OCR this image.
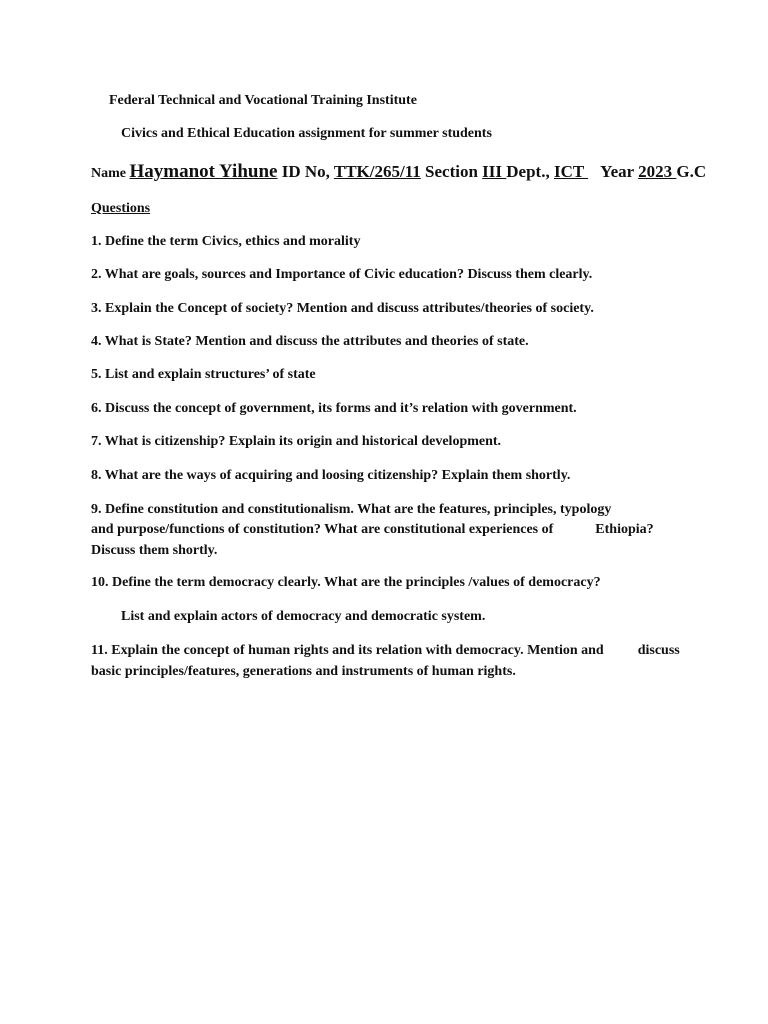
Federal Technical and Vocational Training Institute
Civics and Ethical Education assignment for summer students
Name Haymanot Yihune ID No, TTK/265/11 Section III Dept., ICT Year 2023 G.C
Questions
1. Define the term Civics, ethics and morality
2. What are goals, sources and Importance of Civic education? Discuss them clearly.
3. Explain the Concept of society? Mention and discuss attributes/theories of society.
4. What is State? Mention and discuss the attributes and theories of state.
5. List and explain structures’ of state
6. Discuss the concept of government, its forms and it’s relation with government.
7. What is citizenship? Explain its origin and historical development.
8. What are the ways of acquiring and loosing citizenship? Explain them shortly.
9. Define constitution and constitutionalism. What are the features, principles, typology
and purpose/functions of constitution? What are constitutional experiences of	Ethiopia?
Discuss them shortly.
10. Define the term democracy clearly. What are the principles /values of democracy?
List and explain actors of democracy and democratic system.
11. Explain the concept of human rights and its relation with democracy. Mention and discuss
basic principles/features, generations and instruments of human rights.
